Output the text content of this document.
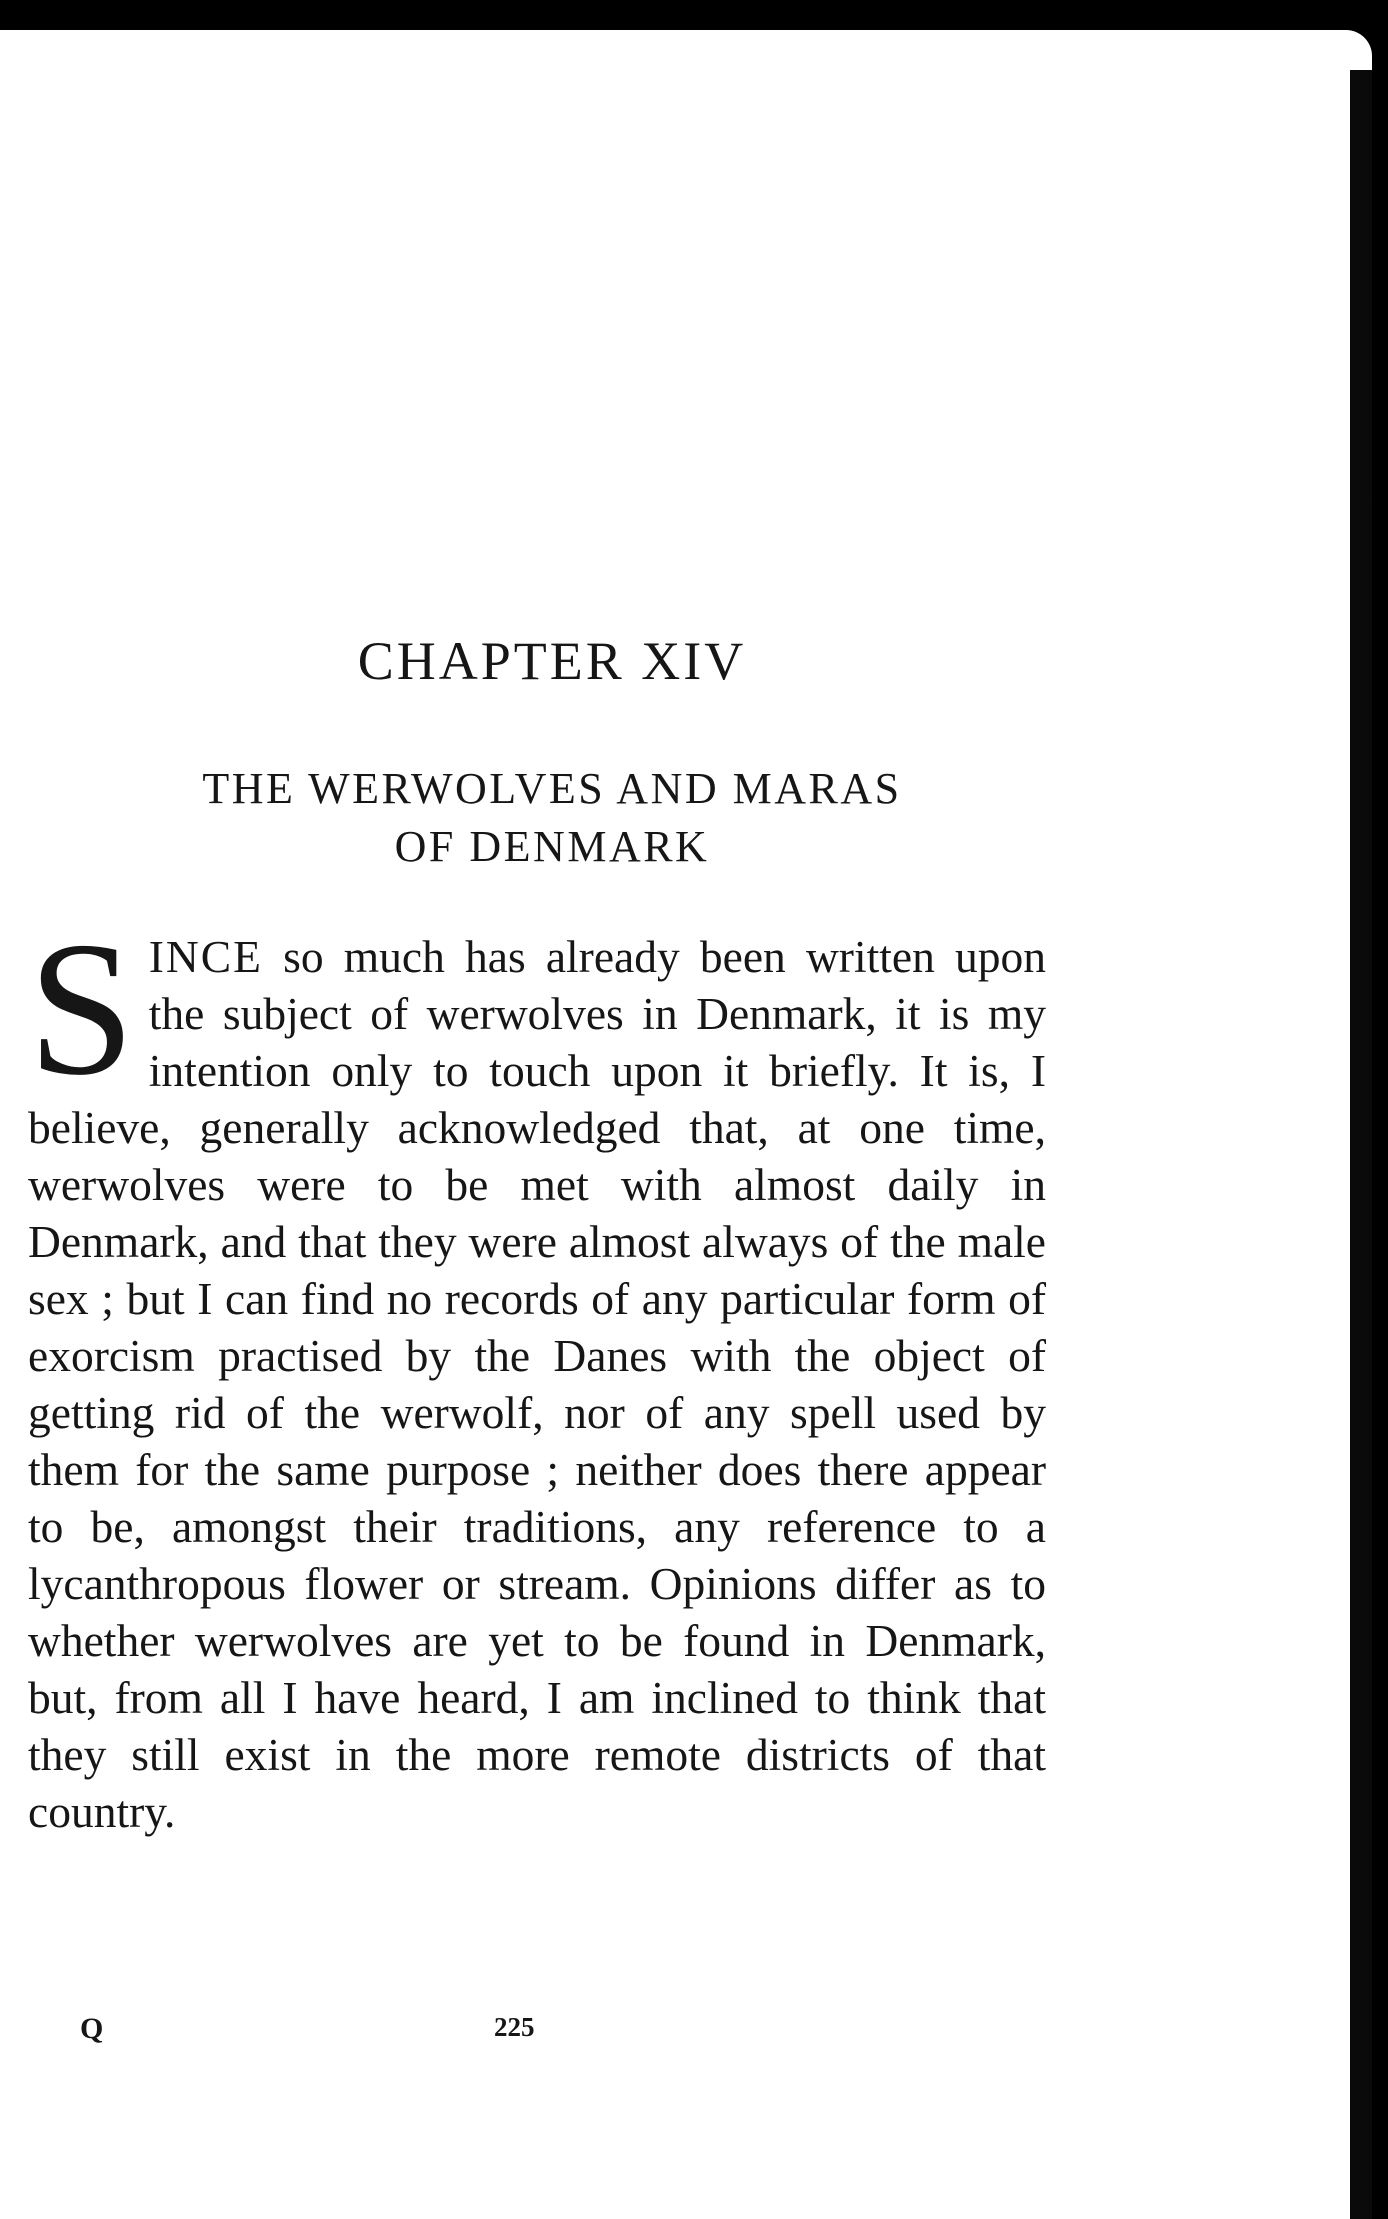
CHAPTER XIV
THE WERWOLVES AND MARAS
OF DENMARK

SINCE so much has already been written upon the subject of werwolves in Denmark, it is my intention only to touch upon it briefly. It is, I believe, generally acknowledged that, at one time, werwolves were to be met with almost daily in Denmark, and that they were almost always of the male sex ; but I can find no records of any particular form of exorcism practised by the Danes with the object of getting rid of the werwolf, nor of any spell used by them for the same purpose ; neither does there appear to be, amongst their traditions, any reference to a lycanthropous flower or stream. Opinions differ as to whether werwolves are yet to be found in Denmark, but, from all I have heard, I am inclined to think that they still exist in the more remote districts of that country.

Q	225
